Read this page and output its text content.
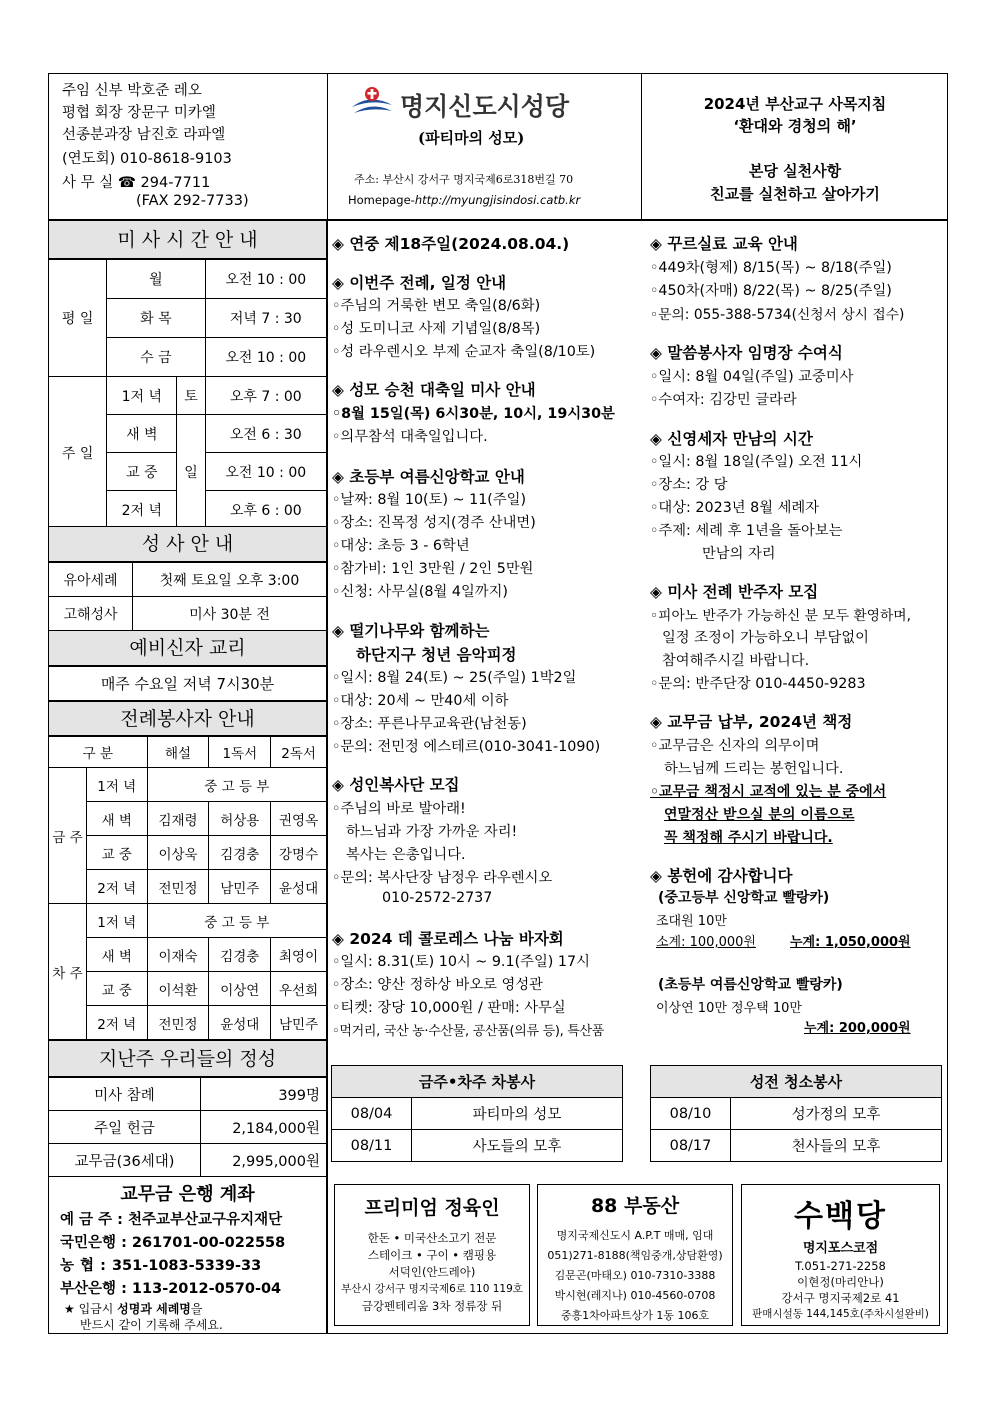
주임 신부 박호준 레오
평협 회장 장문구 미카엘
선종분과장 남진호 라파엘
(연도회) 010-8618-9103
사 무 실 ☎ 294-7711
(FAX 292-7733)
명지신도시성당
(파티마의 성모)
주소: 부산시 강서구 명지국제6로318번길 70
Homepage-http://myungjisindosi.catb.kr
2024년 부산교구 사목지침
‘환대와 경청의 해’
본당 실천사항
친교를 실천하고 살아가기
미 사 시 간 안 내
평 일	월		오전 10 : 00
	화 목		저녁 7 : 30
	수 금		오전 10 : 00
주 일	1저 녁	토	오후 7 : 00
	새 벽	일	오전 6 : 30
	교 중		오전 10 : 00
	2저 녁		오후 6 : 00
성 사 안 내
유아세례	첫째 토요일 오후 3:00
고해성사	미사 30분 전
예비신자 교리
매주 수요일 저녁 7시30분
전례봉사자 안내
구 분		해설	1독서	2독서
금 주	1저 녁	중 고 등 부		
	새 벽	김재령	허상용	권영옥
	교 중	이상욱	김경충	강명수
	2저 녁	전민정	남민주	윤성대
차 주	1저 녁	중 고 등 부		
	새 벽	이재숙	김경충	최영이
	교 중	이석환	이상연	우선희
	2저 녁	전민정	윤성대	남민주
지난주 우리들의 정성
미사 참례	399명
주일 헌금	2,184,000원
교무금(36세대)	2,995,000원
교무금 은행 계좌
예 금 주 : 천주교부산교구유지재단
국민은행 : 261701-00-022558
농 협 : 351-1083-5339-33
부산은행 : 113-2012-0570-04
★ 입금시 성명과 세례명을
반드시 같이 기록해 주세요.
◈ 연중 제18주일(2024.08.04.)
◈ 이번주 전례, 일정 안내
◦주님의 거룩한 변모 축일(8/6화)
◦성 도미니코 사제 기념일(8/8목)
◦성 라우렌시오 부제 순교자 축일(8/10토)
◈ 성모 승천 대축일 미사 안내
◦8월 15일(목) 6시30분, 10시, 19시30분
◦의무참석 대축일입니다.
◈ 초등부 여름신앙학교 안내
◦날짜: 8월 10(토) ~ 11(주일)
◦장소: 진목정 성지(경주 산내면)
◦대상: 초등 3 - 6학년
◦참가비: 1인 3만원 / 2인 5만원
◦신청: 사무실(8월 4일까지)
◈ 떨기나무와 함께하는
하단지구 청년 음악피정
◦일시: 8월 24(토) ~ 25(주일) 1박2일
◦대상: 20세 ~ 만40세 이하
◦장소: 푸른나무교육관(남천동)
◦문의: 전민정 에스테르(010-3041-1090)
◈ 성인복사단 모집
◦주님의 바로 발아래!
하느님과 가장 가까운 자리!
복사는 은총입니다.
◦문의: 복사단장 남정우 라우렌시오
010-2572-2737
◈ 2024 데 콜로레스 나눔 바자회
◦일시: 8.31(토) 10시 ~ 9.1(주일) 17시
◦장소: 양산 정하상 바오로 영성관
◦티켓: 장당 10,000원 / 판매: 사무실
◦먹거리, 국산 농·수산물, 공산품(의류 등), 특산품
◈ 꾸르실료 교육 안내
◦449차(형제) 8/15(목) ~ 8/18(주일)
◦450차(자매) 8/22(목) ~ 8/25(주일)
◦문의: 055-388-5734(신청서 상시 접수)
◈ 말씀봉사자 임명장 수여식
◦일시: 8월 04일(주일) 교중미사
◦수여자: 김강민 글라라
◈ 신영세자 만남의 시간
◦일시: 8월 18일(주일) 오전 11시
◦장소: 강 당
◦대상: 2023년 8월 세례자
◦주제: 세례 후 1년을 돌아보는
만남의 자리
◈ 미사 전례 반주자 모집
◦피아노 반주가 가능하신 분 모두 환영하며,
일정 조정이 가능하오니 부담없이
참여해주시길 바랍니다.
◦문의: 반주단장 010-4450-9283
◈ 교무금 납부, 2024년 책정
◦교무금은 신자의 의무이며
하느님께 드리는 봉헌입니다.
◦교무금 책정시 교적에 있는 분 중에서
연말정산 받으실 분의 이름으로
꼭 책정해 주시기 바랍니다.
◈ 봉헌에 감사합니다
(중고등부 신앙학교 빨랑카)
조대원 10만
소계: 100,000원	누계: 1,050,000원
(초등부 여름신앙학교 빨랑카)
이상연 10만 정우택 10만
누계: 200,000원
금주•차주 차봉사	
08/04	파티마의 성모
08/11	사도들의 모후
성전 청소봉사	
08/10	성가정의 모후
08/17	천사들의 모후
프리미엄 정육인
한돈 • 미국산소고기 전문
스테이크 • 구이 • 캠핑용
서덕인(안드레아)
부산시 강서구 명지국제6로 110 119호
금강펜테리움 3차 정류장 뒤
88 부동산
명지국제신도시 A.P.T 매매, 임대
051)271-8188(책임중개,상담환영)
김문곤(마태오) 010-7310-3388
박시현(레지나) 010-4560-0708
중흥1차아파트상가 1동 106호
수백당
명지포스코점
T.051-271-2258
이현정(마리안나)
강서구 명지국제2로 41
판매시설동 144,145호(주차시설완비)
